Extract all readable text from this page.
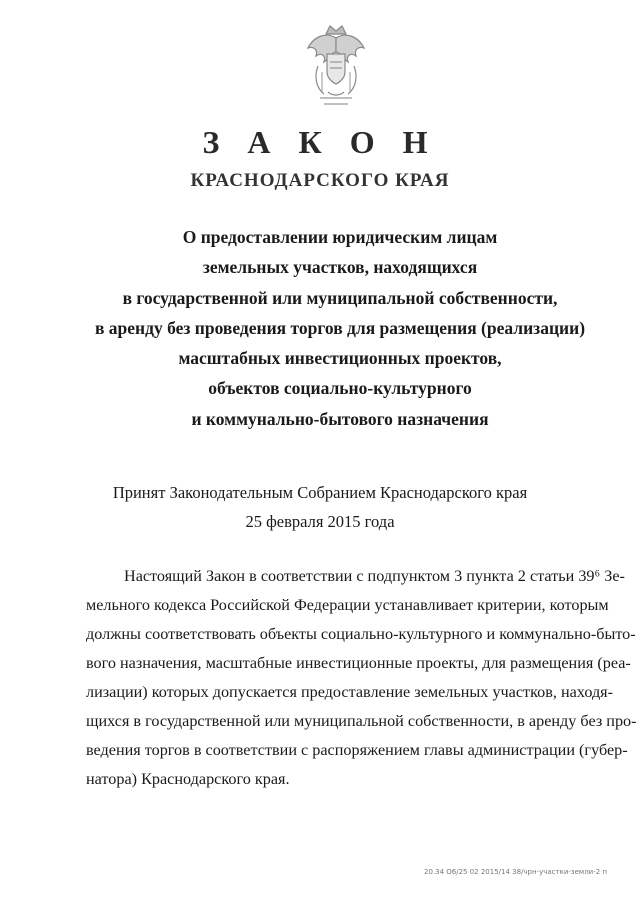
З А К О Н
КРАСНОДАРСКОГО КРАЯ

О предоставлении юридическим лицам
земельных участков, находящихся
в государственной или муниципальной собственности,
в аренду без проведения торгов для размещения (реализации)
масштабных инвестиционных проектов,
объектов социально-культурного
и коммунально-бытового назначения

Принят Законодательным Собранием Краснодарского края
25 февраля 2015 года

Настоящий Закон в соответствии с подпунктом 3 пункта 2 статьи 39⁶ Зе-
мельного кодекса Российской Федерации устанавливает критерии, которым
должны соответствовать объекты социально-культурного и коммунально-быто-
вого назначения, масштабные инвестиционные проекты, для размещения (реа-
лизации) которых допускается предоставление земельных участков, находя-
щихся в государственной или муниципальной собственности, в аренду без про-
ведения торгов в соответствии с распоряжением главы администрации (губер-
натора) Краснодарского края.

20.34 О6/25 02 2015/14 38/чрн-участки-земли-2 п
